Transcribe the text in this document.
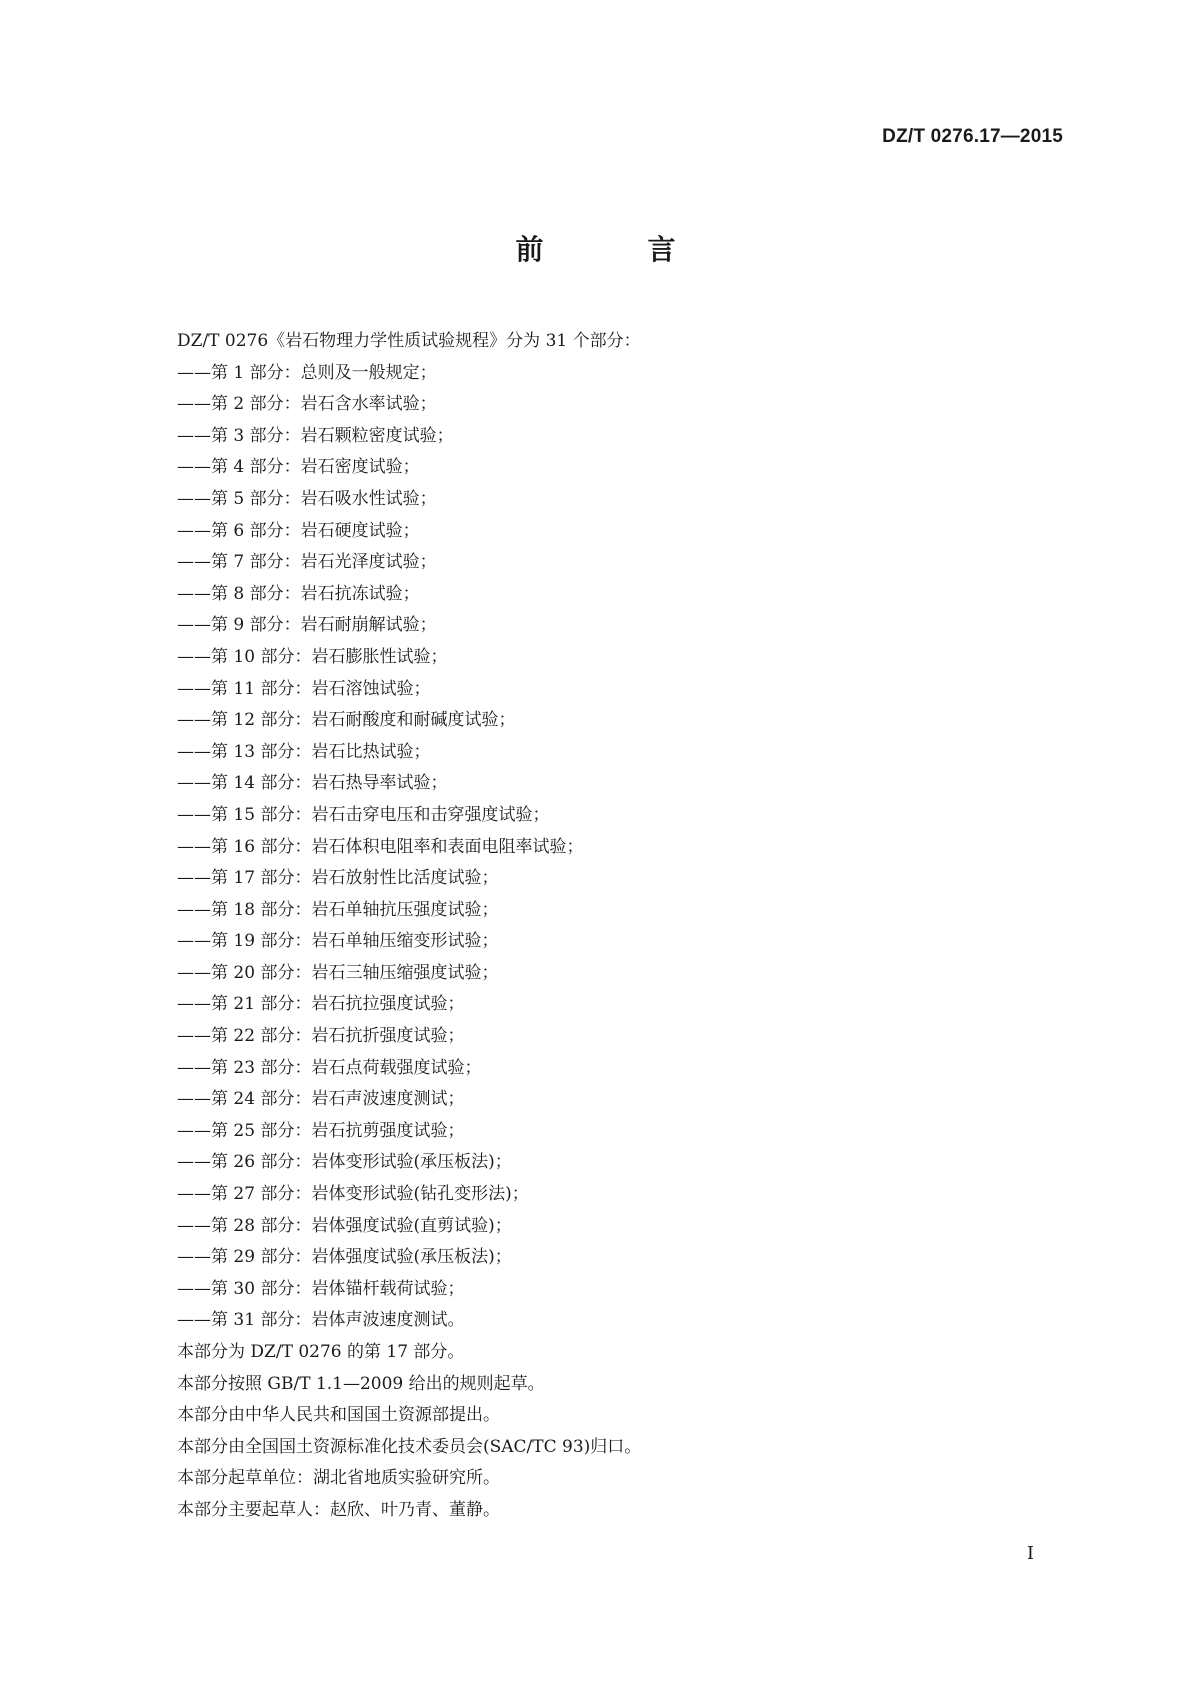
DZ/T 0276.17—2015
前　言
DZ/T 0276《岩石物理力学性质试验规程》分为 31 个部分：
——第 1 部分：总则及一般规定；
——第 2 部分：岩石含水率试验；
——第 3 部分：岩石颗粒密度试验；
——第 4 部分：岩石密度试验；
——第 5 部分：岩石吸水性试验；
——第 6 部分：岩石硬度试验；
——第 7 部分：岩石光泽度试验；
——第 8 部分：岩石抗冻试验；
——第 9 部分：岩石耐崩解试验；
——第 10 部分：岩石膨胀性试验；
——第 11 部分：岩石溶蚀试验；
——第 12 部分：岩石耐酸度和耐碱度试验；
——第 13 部分：岩石比热试验；
——第 14 部分：岩石热导率试验；
——第 15 部分：岩石击穿电压和击穿强度试验；
——第 16 部分：岩石体积电阻率和表面电阻率试验；
——第 17 部分：岩石放射性比活度试验；
——第 18 部分：岩石单轴抗压强度试验；
——第 19 部分：岩石单轴压缩变形试验；
——第 20 部分：岩石三轴压缩强度试验；
——第 21 部分：岩石抗拉强度试验；
——第 22 部分：岩石抗折强度试验；
——第 23 部分：岩石点荷载强度试验；
——第 24 部分：岩石声波速度测试；
——第 25 部分：岩石抗剪强度试验；
——第 26 部分：岩体变形试验(承压板法)；
——第 27 部分：岩体变形试验(钻孔变形法)；
——第 28 部分：岩体强度试验(直剪试验)；
——第 29 部分：岩体强度试验(承压板法)；
——第 30 部分：岩体锚杆载荷试验；
——第 31 部分：岩体声波速度测试。
本部分为 DZ/T 0276 的第 17 部分。
本部分按照 GB/T 1.1—2009 给出的规则起草。
本部分由中华人民共和国国土资源部提出。
本部分由全国国土资源标准化技术委员会(SAC/TC 93)归口。
本部分起草单位：湖北省地质实验研究所。
本部分主要起草人：赵欣、叶乃青、董静。
I
